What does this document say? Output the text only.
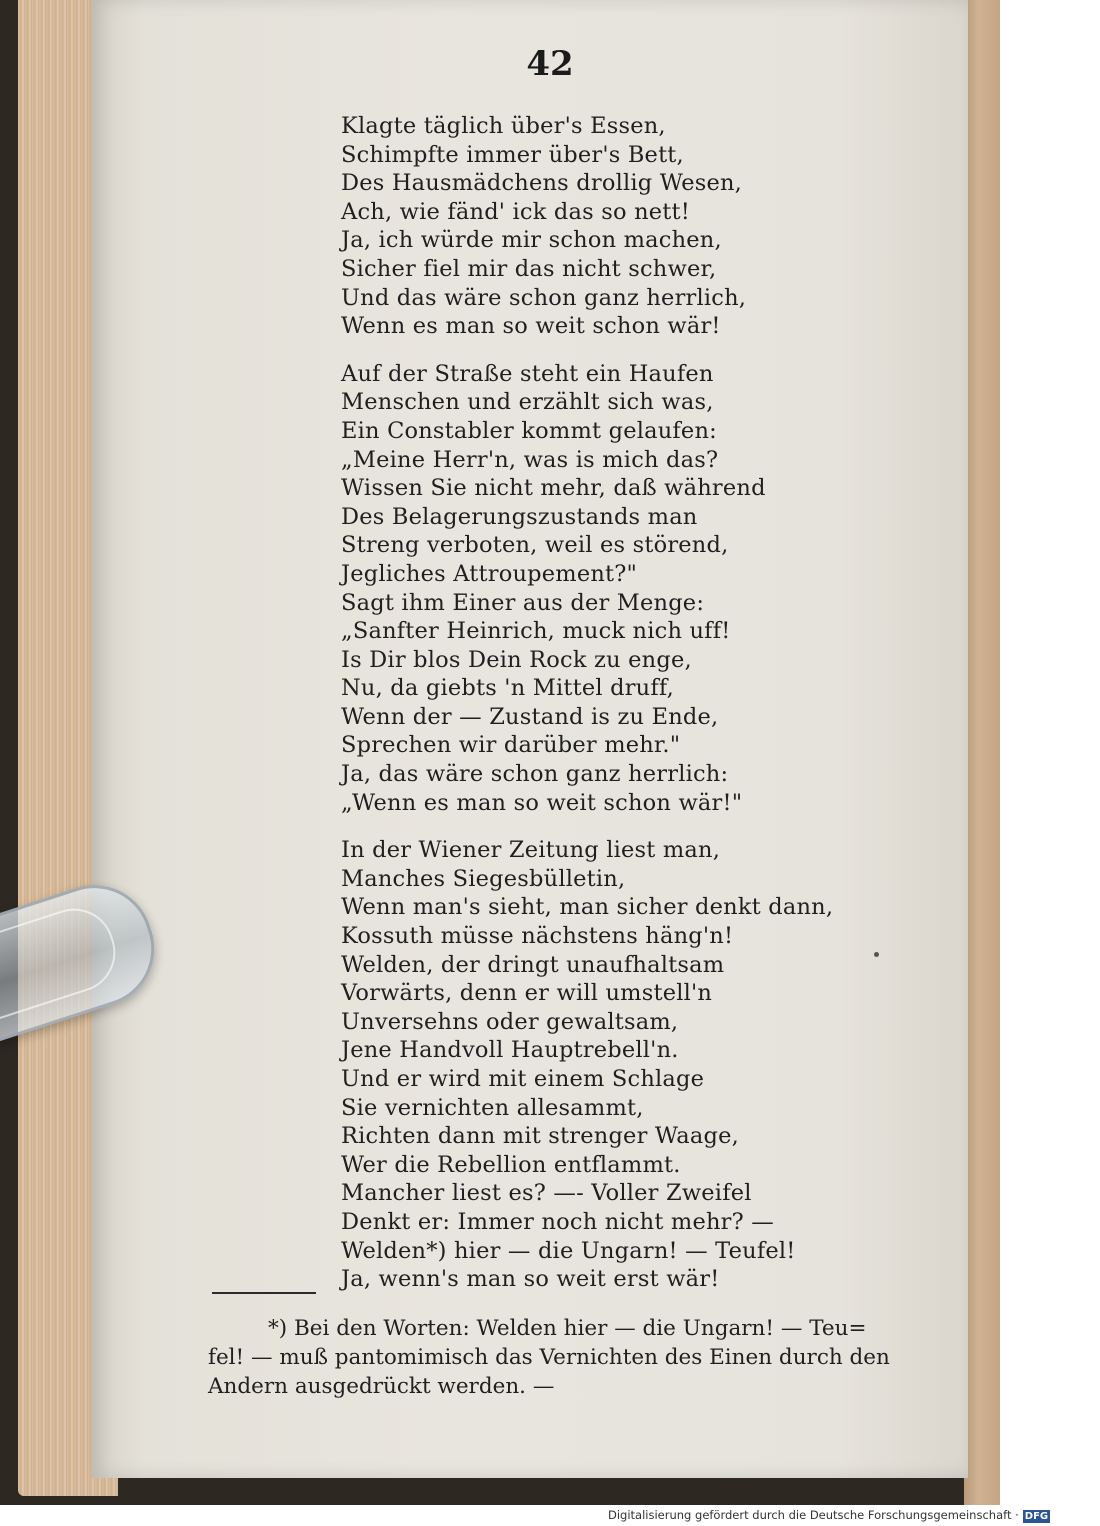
42
Klagte täglich über's Essen,
Schimpfte immer über's Bett,
Des Hausmädchens drollig Wesen,
Ach, wie fänd' ick das so nett!
Ja, ich würde mir schon machen,
Sicher fiel mir das nicht schwer,
Und das wäre schon ganz herrlich,
Wenn es man so weit schon wär!
Auf der Straße steht ein Haufen
Menschen und erzählt sich was,
Ein Constabler kommt gelaufen:
„Meine Herr'n, was is mich das?
Wissen Sie nicht mehr, daß während
Des Belagerungszustands man
Streng verboten, weil es störend,
Jegliches Attroupement?"
Sagt ihm Einer aus der Menge:
„Sanfter Heinrich, muck nich uff!
Is Dir blos Dein Rock zu enge,
Nu, da giebts 'n Mittel druff,
Wenn der — Zustand is zu Ende,
Sprechen wir darüber mehr."
Ja, das wäre schon ganz herrlich:
„Wenn es man so weit schon wär!"
In der Wiener Zeitung liest man,
Manches Siegesbülletin,
Wenn man's sieht, man sicher denkt dann,
Kossuth müsse nächstens häng'n!
Welden, der dringt unaufhaltsam
Vorwärts, denn er will umstell'n
Unversehns oder gewaltsam,
Jene Handvoll Hauptrebell'n.
Und er wird mit einem Schlage
Sie vernichten allesammt,
Richten dann mit strenger Waage,
Wer die Rebellion entflammt.
Mancher liest es? —- Voller Zweifel
Denkt er: Immer noch nicht mehr? —
Welden*) hier — die Ungarn! — Teufel!
Ja, wenn's man so weit erst wär!
*) Bei den Worten: Welden hier — die Ungarn! — Teu=
fel! — muß pantomimisch das Vernichten des Einen durch den
Andern ausgedrückt werden. —
Digitalisierung gefördert durch die Deutsche Forschungsgemeinschaft · DFG
